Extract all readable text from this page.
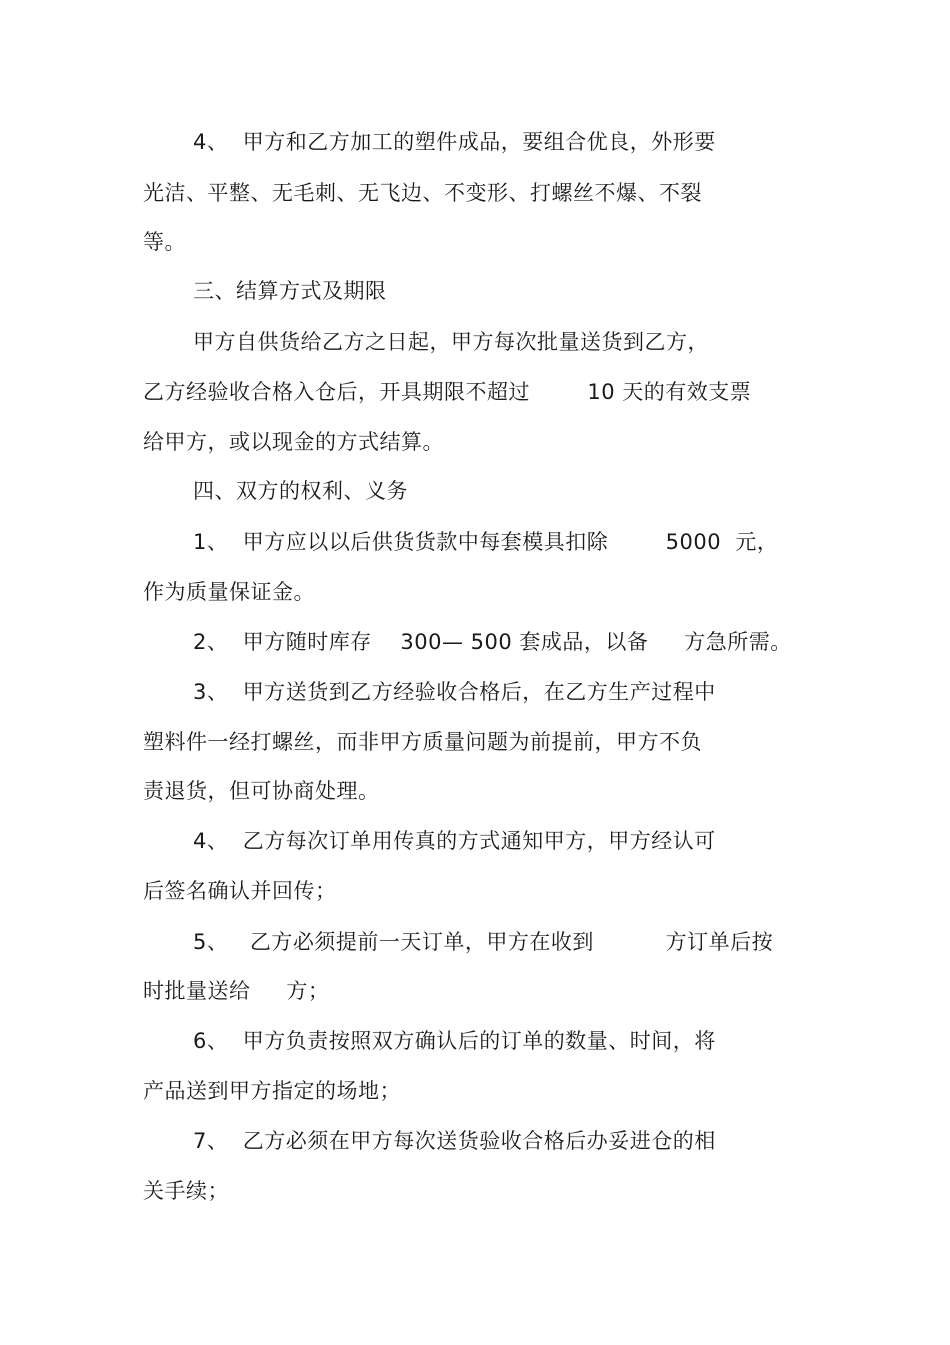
4、  甲方和乙方加工的塑件成品，要组合优良，外形要
光洁、平整、无毛刺、无飞边、不变形、打螺丝不爆、不裂
等。
三、结算方式及期限
甲方自供货给乙方之日起，甲方每次批量送货到乙方，
乙方经验收合格入仓后，开具期限不超过        10 天的有效支票
给甲方，或以现金的方式结算。
四、双方的权利、义务
1、  甲方应以以后供货货款中每套模具扣除        5000  元，
作为质量保证金。
2、  甲方随时库存    300— 500 套成品，以备     方急所需。
3、  甲方送货到乙方经验收合格后，在乙方生产过程中
塑料件一经打螺丝，而非甲方质量问题为前提前，甲方不负
责退货，但可协商处理。
4、  乙方每次订单用传真的方式通知甲方，甲方经认可
后签名确认并回传；
5、   乙方必须提前一天订单，甲方在收到          方订单后按
时批量送给     方；
6、  甲方负责按照双方确认后的订单的数量、时间，将
产品送到甲方指定的场地；
7、  乙方必须在甲方每次送货验收合格后办妥进仓的相
关手续；
